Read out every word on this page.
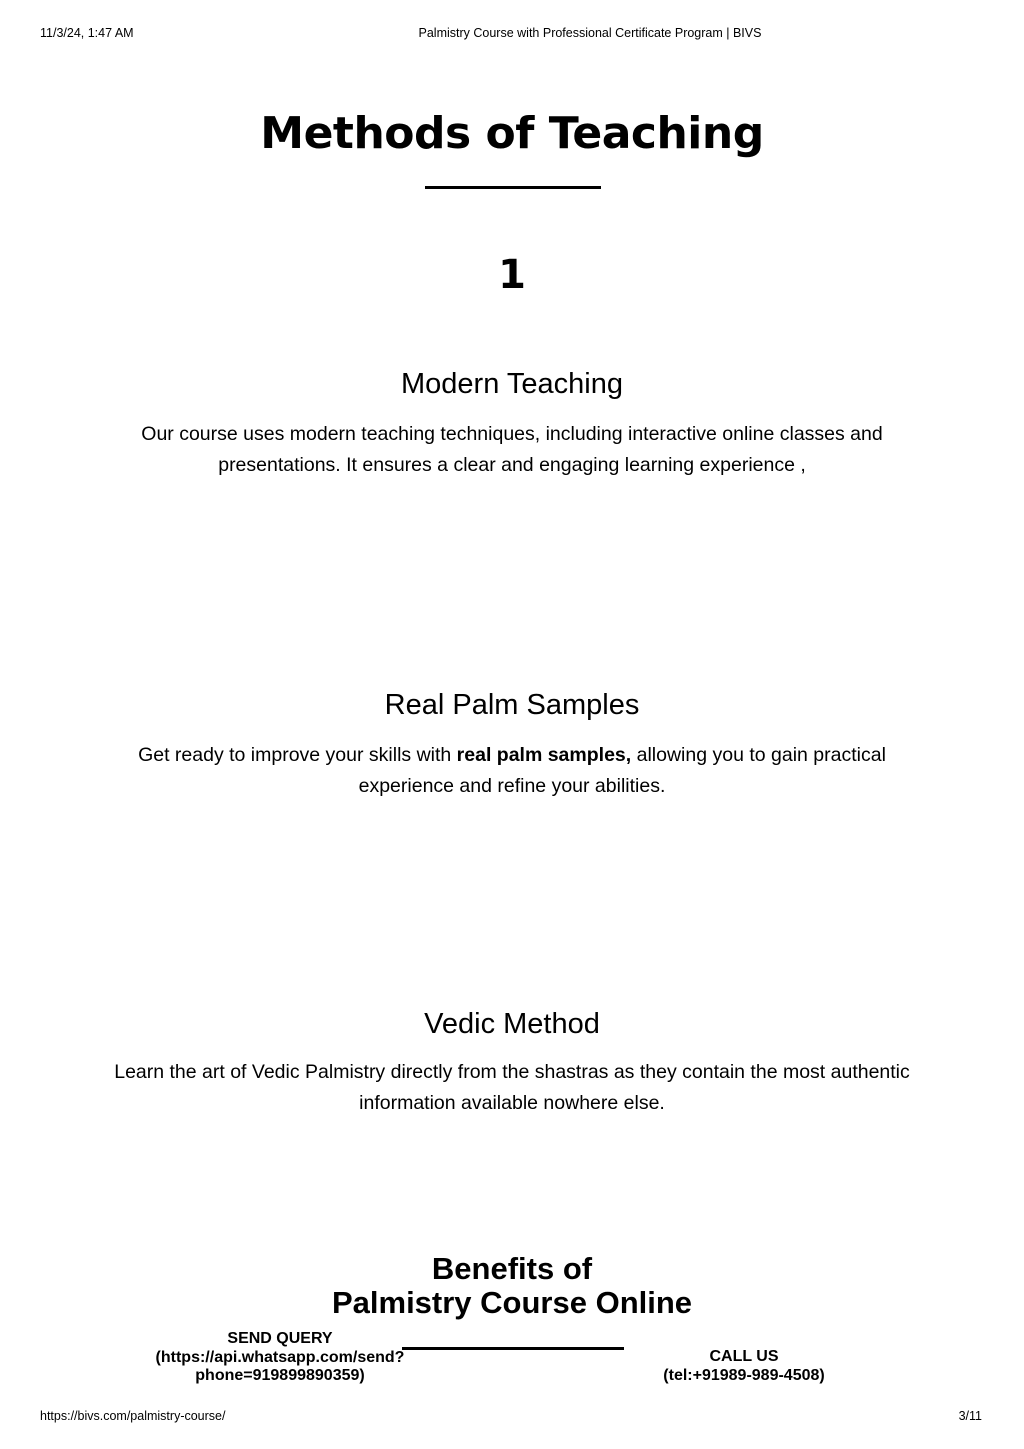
11/3/24, 1:47 AM	Palmistry Course with Professional Certificate Program | BIVS
Methods of Teaching
1
Modern Teaching
Our course uses modern teaching techniques, including interactive online classes and presentations. It ensures a clear and engaging learning experience ,
Real Palm Samples
Get ready to improve your skills with real palm samples, allowing you to gain practical experience and refine your abilities.
Vedic Method
Learn the art of Vedic Palmistry directly from the shastras as they contain the most authentic information available nowhere else.
Benefits of
Palmistry Course Online
SEND QUERY
(https://api.whatsapp.com/send?
phone=919899890359)
CALL US
(tel:+91989-989-4508)
https://bivs.com/palmistry-course/	3/11
